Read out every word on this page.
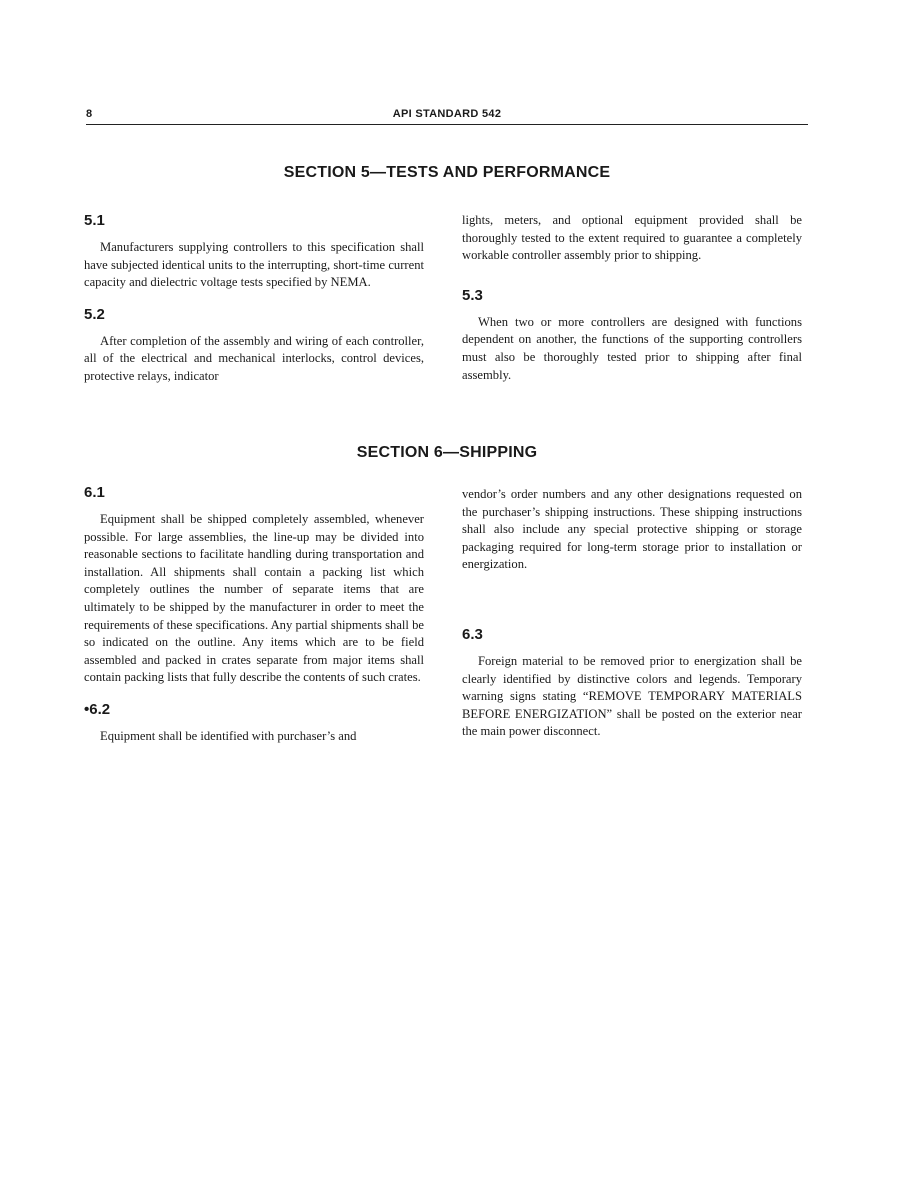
8	API STANDARD 542
SECTION 5—TESTS AND PERFORMANCE
5.1

Manufacturers supplying controllers to this specification shall have subjected identical units to the interrupting, short-time current capacity and dielectric voltage tests specified by NEMA.

5.2

After completion of the assembly and wiring of each controller, all of the electrical and mechanical interlocks, control devices, protective relays, indicator

lights, meters, and optional equipment provided shall be thoroughly tested to the extent required to guarantee a completely workable controller assembly prior to shipping.

5.3

When two or more controllers are designed with functions dependent on another, the functions of the supporting controllers must also be thoroughly tested prior to shipping after final assembly.

SECTION 6—SHIPPING
6.1

Equipment shall be shipped completely assembled, whenever possible. For large assemblies, the line-up may be divided into reasonable sections to facilitate handling during transportation and installation. All shipments shall contain a packing list which completely outlines the number of separate items that are ultimately to be shipped by the manufacturer in order to meet the requirements of these specifications. Any partial shipments shall be so indicated on the outline. Any items which are to be field assembled and packed in crates separate from major items shall contain packing lists that fully describe the contents of such crates.

•6.2

Equipment shall be identified with purchaser’s and

vendor’s order numbers and any other designations requested on the purchaser’s shipping instructions. These shipping instructions shall also include any special protective shipping or storage packaging required for long-term storage prior to installation or energization.

6.3

Foreign material to be removed prior to energization shall be clearly identified by distinctive colors and legends. Temporary warning signs stating “REMOVE TEMPORARY MATERIALS BEFORE ENERGIZATION” shall be posted on the exterior near the main power disconnect.
